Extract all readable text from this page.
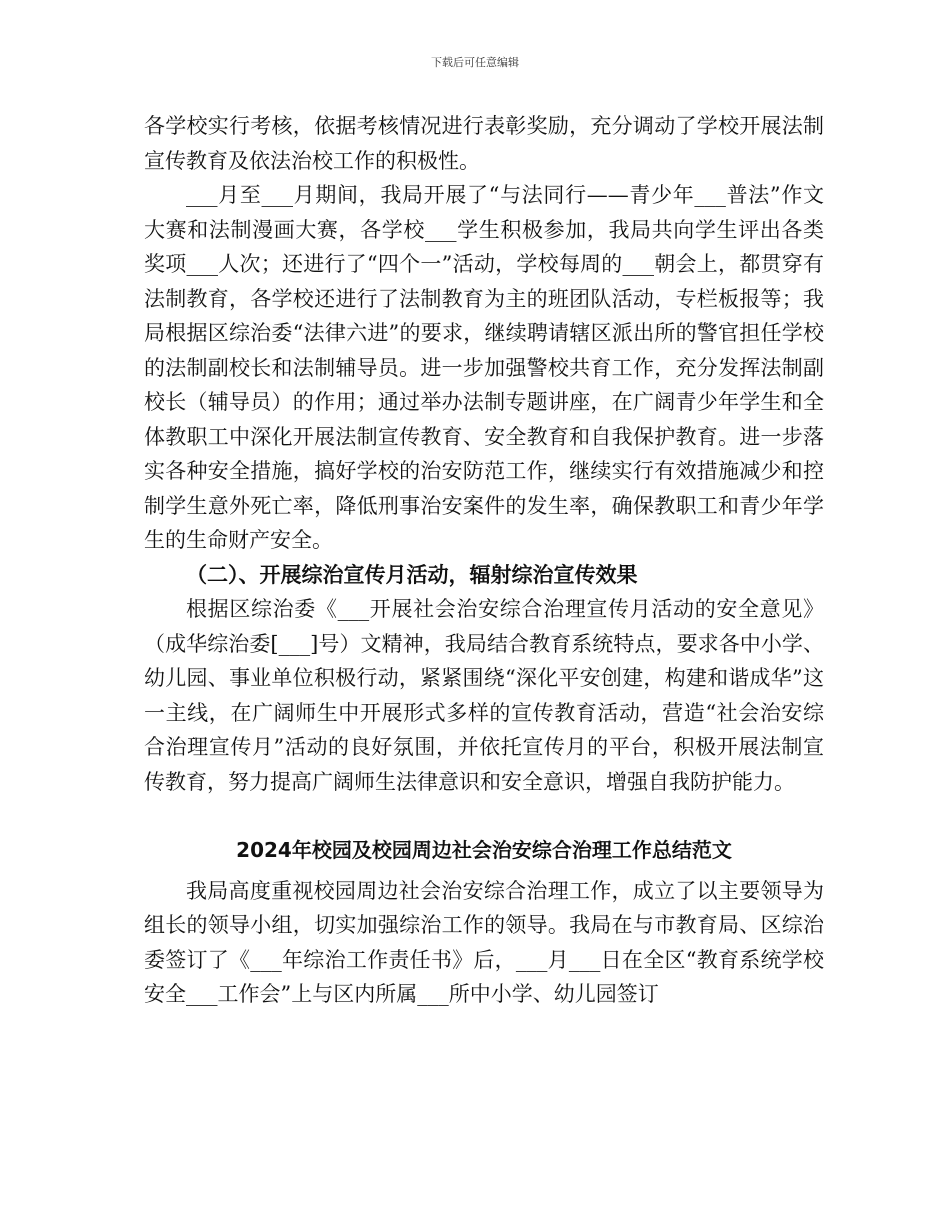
下载后可任意编辑

各学校实行考核，依据考核情况进行表彰奖励，充分调动了学校开展法制宣传教育及依法治校工作的积极性。

___月至___月期间，我局开展了“与法同行——青少年___普法”作文大赛和法制漫画大赛，各学校___学生积极参加，我局共向学生评出各类奖项___人次；还进行了“四个一”活动，学校每周的___朝会上，都贯穿有法制教育，各学校还进行了法制教育为主的班团队活动，专栏板报等；我局根据区综治委“法律六进”的要求，继续聘请辖区派出所的警官担任学校的法制副校长和法制辅导员。进一步加强警校共育工作，充分发挥法制副校长（辅导员）的作用；通过举办法制专题讲座，在广阔青少年学生和全体教职工中深化开展法制宣传教育、安全教育和自我保护教育。进一步落实各种安全措施，搞好学校的治安防范工作，继续实行有效措施减少和控制学生意外死亡率，降低刑事治安案件的发生率，确保教职工和青少年学生的生命财产安全。

（二）、开展综治宣传月活动，辐射综治宣传效果

根据区综治委《___开展社会治安综合治理宣传月活动的安全意见》（成华综治委[___]号）文精神，我局结合教育系统特点，要求各中小学、幼儿园、事业单位积极行动，紧紧围绕“深化平安创建，构建和谐成华”这一主线，在广阔师生中开展形式多样的宣传教育活动，营造“社会治安综合治理宣传月”活动的良好氛围，并依托宣传月的平台，积极开展法制宣传教育，努力提高广阔师生法律意识和安全意识，增强自我防护能力。

2024年校园及校园周边社会治安综合治理工作总结范文

我局高度重视校园周边社会治安综合治理工作，成立了以主要领导为组长的领导小组，切实加强综治工作的领导。我局在与市教育局、区综治委签订了《___年综治工作责任书》后，___月___日在全区“教育系统学校安全___工作会”上与区内所属___所中小学、幼儿园签订
